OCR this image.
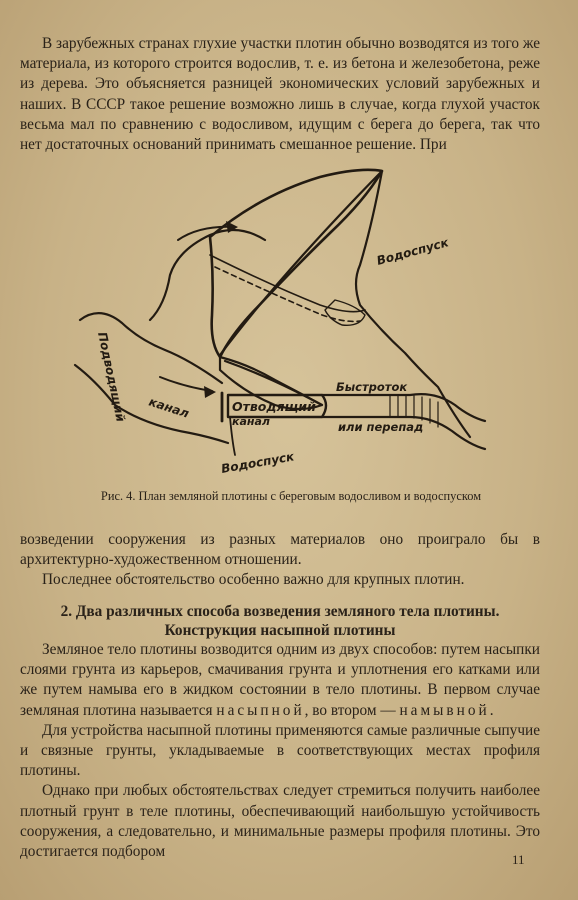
В зарубежных странах глухие участки плотин обычно возводятся из того же материала, из которого строится водослив, т. е. из бетона и железобетона, реже из дерева. Это объясняется разницей экономических условий зарубежных и наших. В СССР такое решение возможно лишь в случае, когда глухой участок весьма мал по сравнению с водосливом, идущим с берега до берега, так что нет достаточных оснований принимать смешанное решение. При

Водоспуск
Подводящий канал	Отводящий
канал
Быстроток
или перепад
Водоспуск
Рис. 4. План земляной плотины с береговым водосливом и водоспуском

возведении сооружения из разных материалов оно проиграло бы в архитектурно-художественном отношении.

Последнее обстоятельство особенно важно для крупных плотин.

2. Два различных способа возведения земляного тела плотины.
Конструкция насыпной плотины

Земляное тело плотины возводится одним из двух способов: путем насыпки слоями грунта из карьеров, смачивания грунта и уплотнения его катками или же путем намыва его в жидком состоянии в тело плотины. В первом случае земляная плотина называется насыпной, во втором — намывной.

Для устройства насыпной плотины применяются самые различные сыпучие и связные грунты, укладываемые в соответствующих местах профиля плотины.

Однако при любых обстоятельствах следует стремиться получить наиболее плотный грунт в теле плотины, обеспечивающий наибольшую устойчивость сооружения, а следовательно, и минимальные размеры профиля плотины. Это достигается подбором	11
